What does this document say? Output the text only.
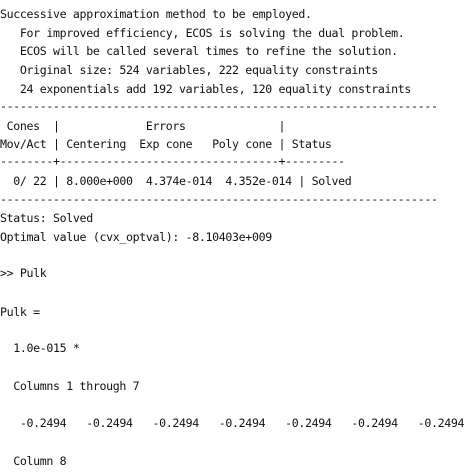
Successive approximation method to be employed.
For improved efficiency, ECOS is solving the dual problem.
ECOS will be called several times to refine the solution.
Original size: 524 variables, 222 equality constraints
24 exponentials add 192 variables, 120 equality constraints
------------------------------------------------------------------
Cones  |             Errors              |
Mov/Act | Centering  Exp cone   Poly cone | Status
--------+---------------------------------+---------
0/ 22 | 8.000e+000  4.374e-014  4.352e-014 | Solved
------------------------------------------------------------------
Status: Solved
Optimal value (cvx_optval): -8.10403e+009
>> Pulk
Pulk =
1.0e-015 *
Columns 1 through 7
-0.2494   -0.2494   -0.2494   -0.2494   -0.2494   -0.2494   -0.2494
Column 8
